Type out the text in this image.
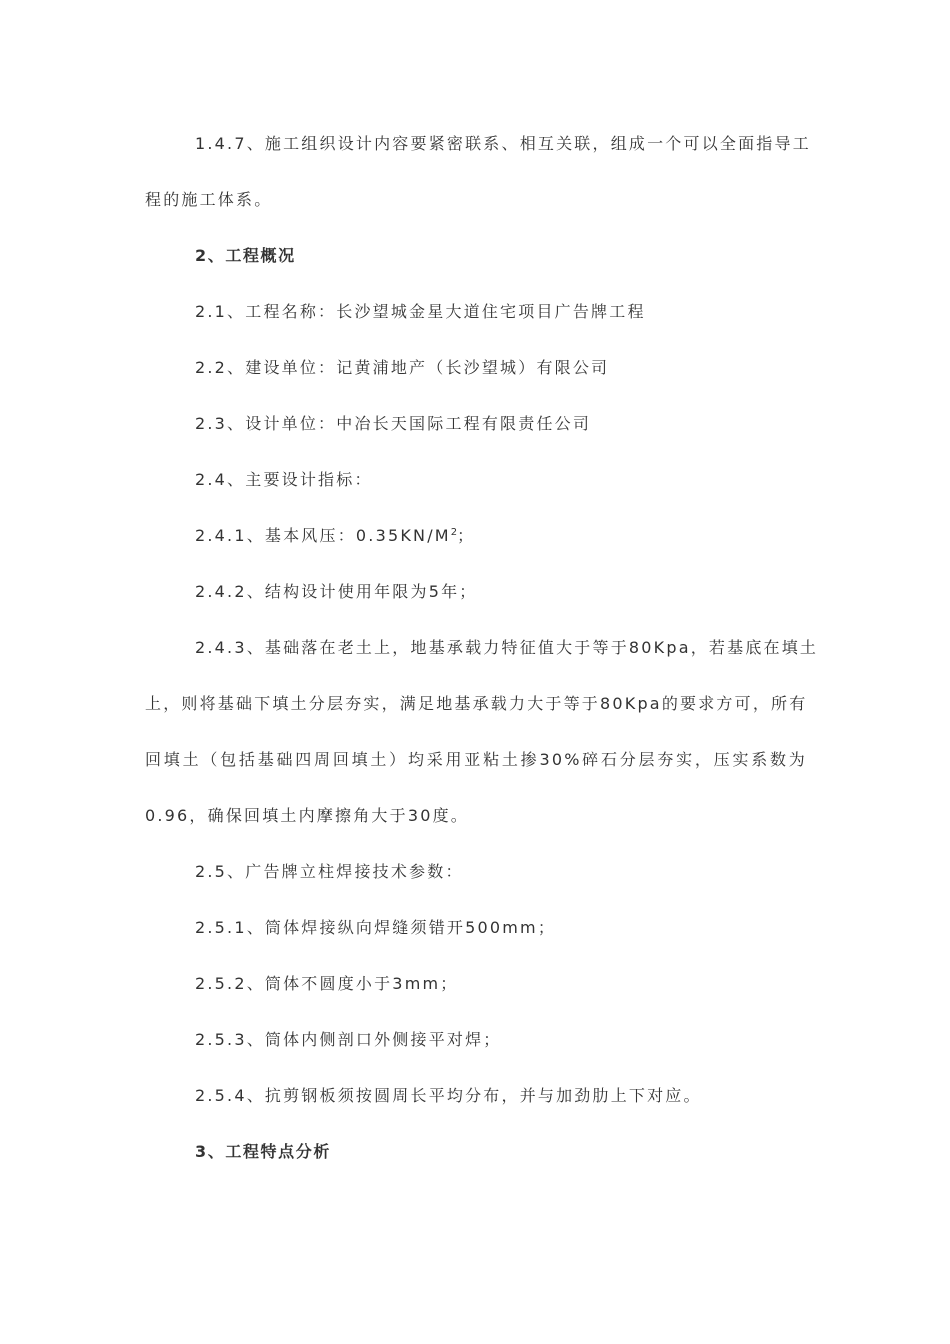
1.4.7、施工组织设计内容要紧密联系、相互关联，组成一个可以全面指导工
程的施工体系。
2、工程概况
2.1、工程名称：长沙望城金星大道住宅项目广告牌工程
2.2、建设单位：记黄浦地产（长沙望城）有限公司
2.3、设计单位：中冶长天国际工程有限责任公司
2.4、主要设计指标：
2.4.1、基本风压：$0.35KN/M^2$；
2.4.2、结构设计使用年限为5年；
2.4.3、基础落在老土上，地基承载力特征值大于等于80Kpa，若基底在填土
上，则将基础下填土分层夯实，满足地基承载力大于等于80Kpa的要求方可，所有
回填土（包括基础四周回填土）均采用亚粘土掺30%碎石分层夯实，压实系数为
0.96，确保回填土内摩擦角大于30度。
2.5、广告牌立柱焊接技术参数：
2.5.1、筒体焊接纵向焊缝须错开500mm；
2.5.2、筒体不圆度小于3mm；
2.5.3、筒体内侧剖口外侧接平对焊；
2.5.4、抗剪钢板须按圆周长平均分布，并与加劲肋上下对应。
3、工程特点分析
